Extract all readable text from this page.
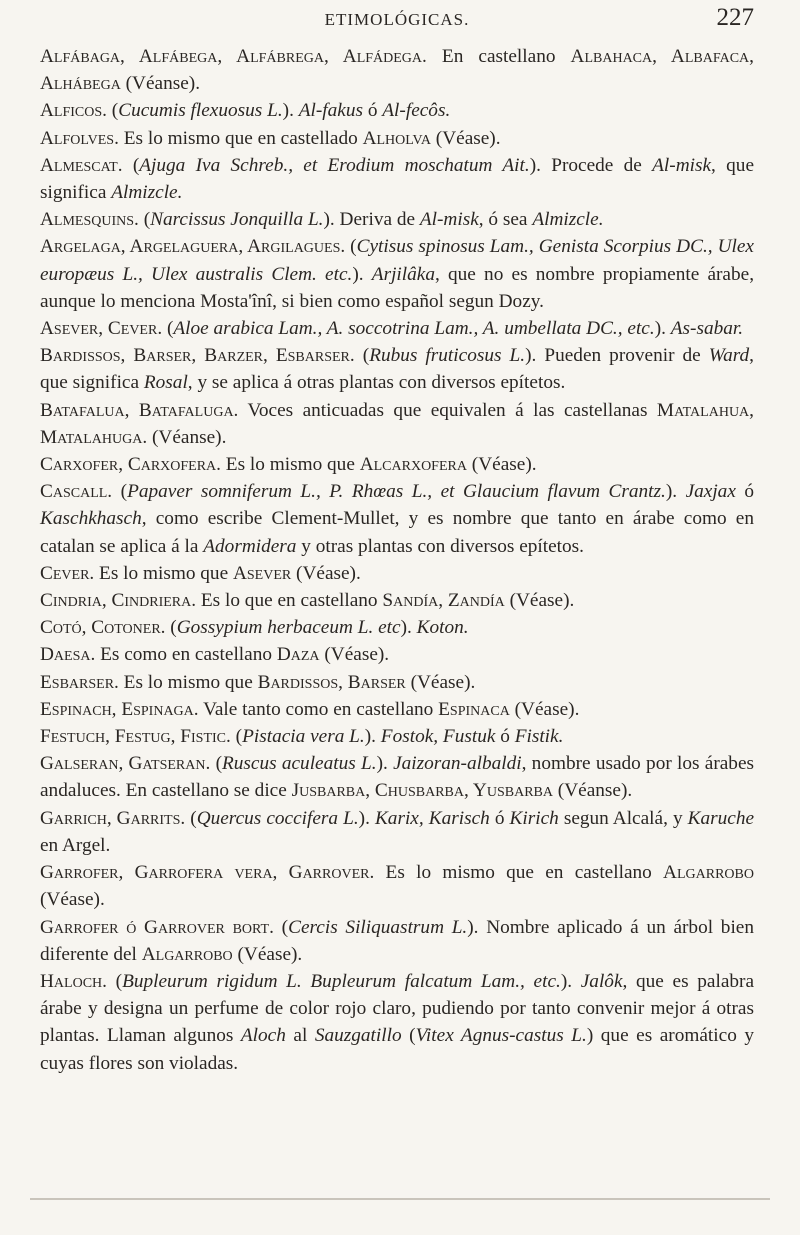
ETIMOLÓGICAS.	227

Alfábaga, Alfábega, Alfábrega, Alfádega. En castellano Albahaca, Albafaca, Alhábega (Véanse).

Alficos. (Cucumis flexuosus L.). Al-fakus ó Al-fecôs.

Alfolves. Es lo mismo que en castellado Alholva (Véase).

Almescat. (Ajuga Iva Schreb., et Erodium moschatum Ait.). Procede de Al-misk, que significa Almizcle.

Almesquins. (Narcissus Jonquilla L.). Deriva de Al-misk, ó sea Almizcle.

Argelaga, Argelaguera, Argilagues. (Cytisus spinosus Lam., Genista Scorpius DC., Ulex europæus L., Ulex australis Clem. etc.). Arjilâka, que no es nombre propiamente árabe, aunque lo menciona Mosta'înî, si bien como español segun Dozy.

Asever, Cever. (Aloe arabica Lam., A. soccotrina Lam., A. umbellata DC., etc.). As-sabar.

Bardissos, Barser, Barzer, Esbarser. (Rubus fruticosus L.). Pueden provenir de Ward, que significa Rosal, y se aplica á otras plantas con diversos epítetos.

Batafalua, Batafaluga. Voces anticuadas que equivalen á las castellanas Matalahua, Matalahuga. (Véanse).

Carxofer, Carxofera. Es lo mismo que Alcarxofera (Véase).

Cascall. (Papaver somniferum L., P. Rhœas L., et Glaucium flavum Crantz.). Jaxjax ó Kaschkhasch, como escribe Clement-Mullet, y es nombre que tanto en árabe como en catalan se aplica á la Adormidera y otras plantas con diversos epítetos.

Cever. Es lo mismo que Asever (Véase).

Cindria, Cindriera. Es lo que en castellano Sandía, Zandía (Véase).

Cotó, Cotoner. (Gossypium herbaceum L. etc). Koton.

Daesa. Es como en castellano Daza (Véase).

Esbarser. Es lo mismo que Bardissos, Barser (Véase).

Espinach, Espinaga. Vale tanto como en castellano Espinaca (Véase).

Festuch, Festug, Fistic. (Pistacia vera L.). Fostok, Fustuk ó Fistik.

Galseran, Gatseran. (Ruscus aculeatus L.). Jaizoran-albaldi, nombre usado por los árabes andaluces. En castellano se dice Jusbarba, Chusbarba, Yusbarba (Véanse).

Garrich, Garrits. (Quercus coccifera L.). Karix, Karisch ó Kirich segun Alcalá, y Karuche en Argel.

Garrofer, Garrofera vera, Garrover. Es lo mismo que en castellano Algarrobo (Véase).

Garrofer ó Garrover bort. (Cercis Siliquastrum L.). Nombre aplicado á un árbol bien diferente del Algarrobo (Véase).

Haloch. (Bupleurum rigidum L. Bupleurum falcatum Lam., etc.). Jalôk, que es palabra árabe y designa un perfume de color rojo claro, pudiendo por tanto convenir mejor á otras plantas. Llaman algunos Aloch al Sauzgatillo (Vitex Agnus-castus L.) que es aromático y cuyas flores son violadas.
